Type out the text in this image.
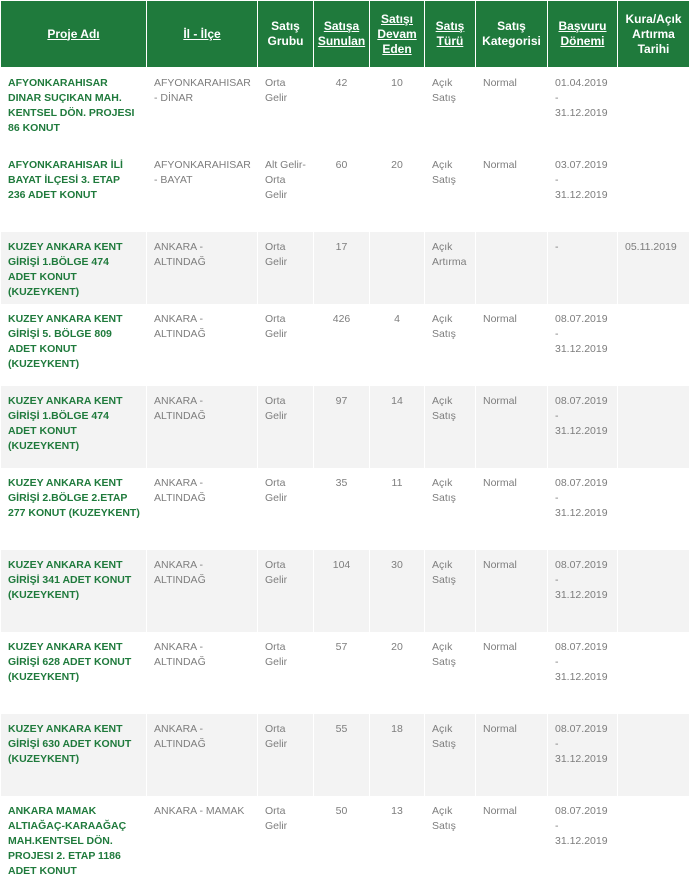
Proje Adı	İl - İlçe	Satış Grubu	Satışa Sunulan	Satışı Devam Eden	Satış Türü	Satış Kategorisi	Başvuru Dönemi	Kura/Açık Artırma Tarihi
AFYONKARAHISAR DINAR SUÇIKAN MAH. KENTSEL DÖN. PROJESI 86 KONUT	AFYONKARAHISAR - DİNAR	Orta Gelir	42	10	Açık Satış	Normal	01.04.2019 - 31.12.2019	
AFYONKARAHISAR İLİ BAYAT İLÇESİ 3. ETAP 236 ADET KONUT	AFYONKARAHISAR - BAYAT	Alt Gelir-Orta Gelir	60	20	Açık Satış	Normal	03.07.2019 - 31.12.2019	
KUZEY ANKARA KENT GİRİŞİ 1.BÖLGE 474 ADET KONUT (KUZEYKENT)	ANKARA - ALTINDAĞ	Orta Gelir	17		Açık Artırma		-	05.11.2019
KUZEY ANKARA KENT GİRİŞİ 5. BÖLGE 809 ADET KONUT (KUZEYKENT)	ANKARA - ALTINDAĞ	Orta Gelir	426	4	Açık Satış	Normal	08.07.2019 - 31.12.2019	
KUZEY ANKARA KENT GİRİŞİ 1.BÖLGE 474 ADET KONUT (KUZEYKENT)	ANKARA - ALTINDAĞ	Orta Gelir	97	14	Açık Satış	Normal	08.07.2019 - 31.12.2019	
KUZEY ANKARA KENT GİRİŞİ 2.BÖLGE 2.ETAP 277 KONUT (KUZEYKENT)	ANKARA - ALTINDAĞ	Orta Gelir	35	11	Açık Satış	Normal	08.07.2019 - 31.12.2019	
KUZEY ANKARA KENT GİRİŞİ 341 ADET KONUT (KUZEYKENT)	ANKARA - ALTINDAĞ	Orta Gelir	104	30	Açık Satış	Normal	08.07.2019 - 31.12.2019	
KUZEY ANKARA KENT GİRİŞİ 628 ADET KONUT (KUZEYKENT)	ANKARA - ALTINDAĞ	Orta Gelir	57	20	Açık Satış	Normal	08.07.2019 - 31.12.2019	
KUZEY ANKARA KENT GİRİŞİ 630 ADET KONUT (KUZEYKENT)	ANKARA - ALTINDAĞ	Orta Gelir	55	18	Açık Satış	Normal	08.07.2019 - 31.12.2019	
ANKARA MAMAK ALTIAĞAÇ-KARAAĞAÇ MAH.KENTSEL DÖN. PROJESI 2. ETAP 1186 ADET KONUT	ANKARA - MAMAK	Orta Gelir	50	13	Açık Satış	Normal	08.07.2019 - 31.12.2019	
